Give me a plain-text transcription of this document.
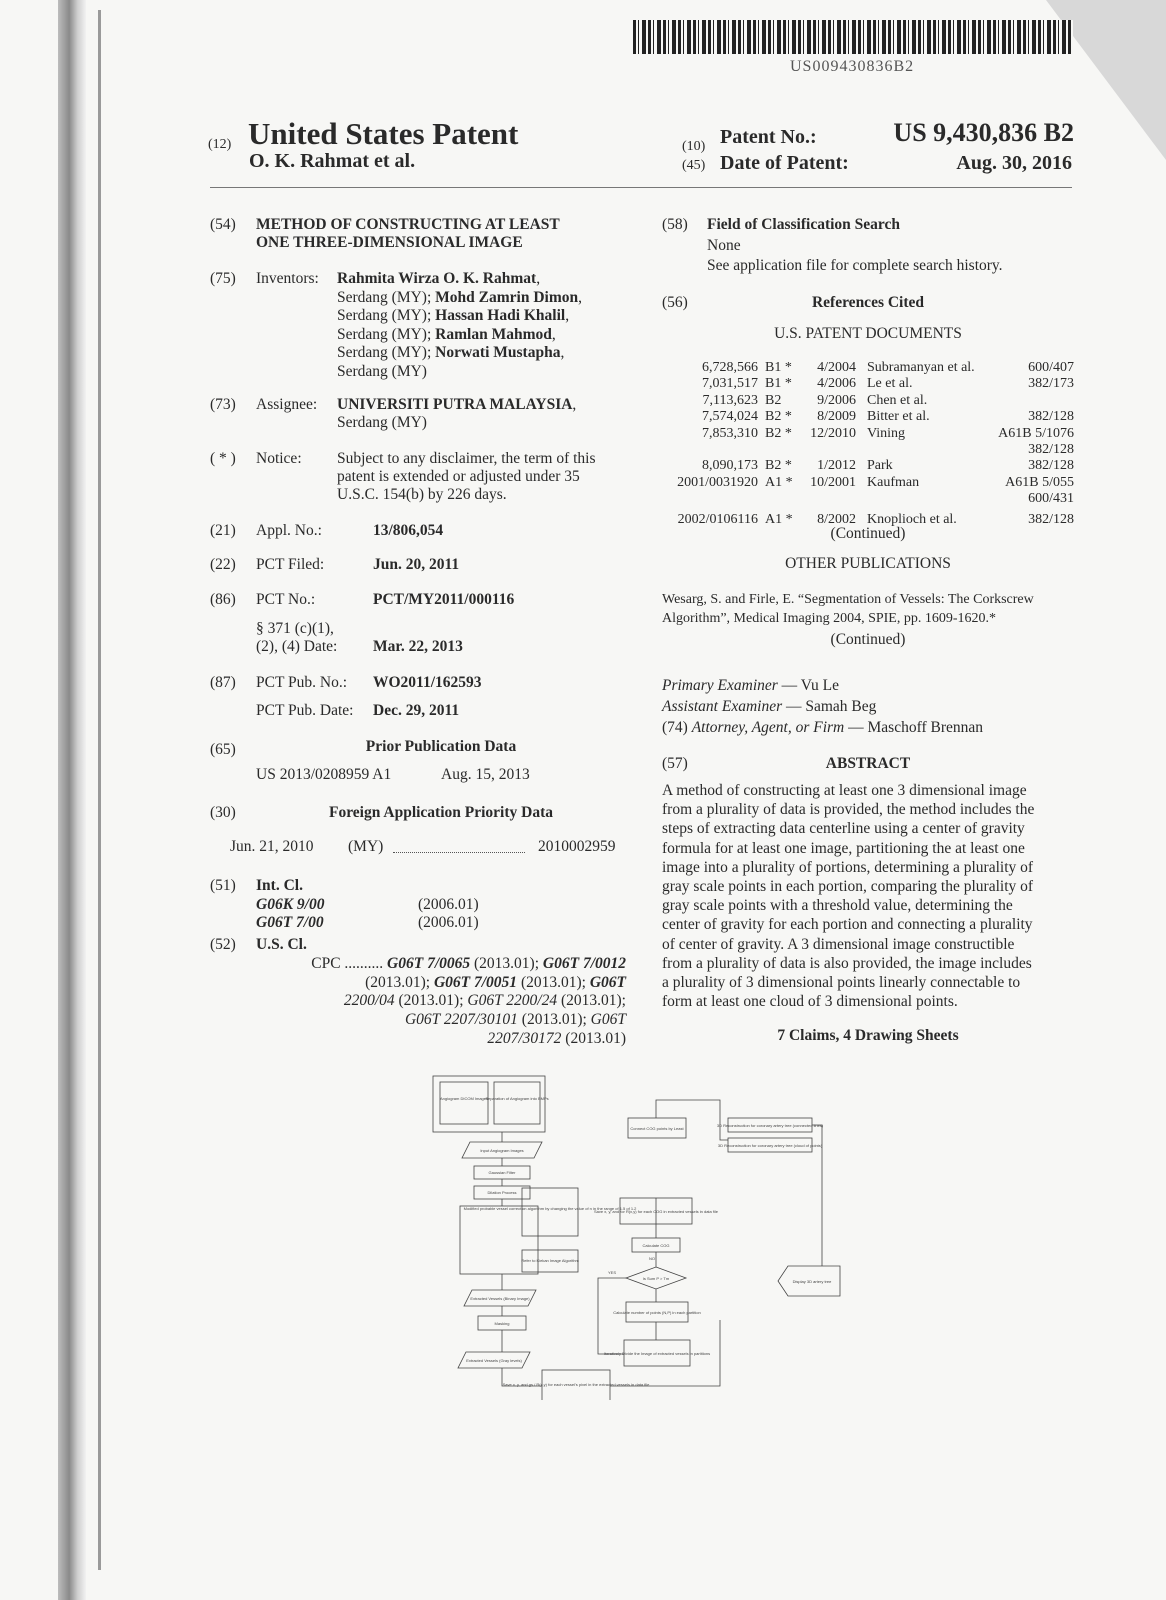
US009430836B2
(12) United States Patent
O. K. Rahmat et al.
(10) Patent No.:	US 9,430,836 B2
(45) Date of Patent:	Aug. 30, 2016
(54) METHOD OF CONSTRUCTING AT LEAST
ONE THREE-DIMENSIONAL IMAGE
(75) Inventors: Rahmita Wirza O. K. Rahmat,
Serdang (MY); Mohd Zamrin Dimon,
Serdang (MY); Hassan Hadi Khalil,
Serdang (MY); Ramlan Mahmod,
Serdang (MY); Norwati Mustapha,
Serdang (MY)
(73) Assignee: UNIVERSITI PUTRA MALAYSIA,
Serdang (MY)
( * ) Notice: Subject to any disclaimer, the term of this
patent is extended or adjusted under 35
U.S.C. 154(b) by 226 days.
(21) Appl. No.:	13/806,054
(22) PCT Filed:	Jun. 20, 2011
(86) PCT No.:	PCT/MY2011/000116
§ 371 (c)(1),
(2), (4) Date: Mar. 22, 2013
(87) PCT Pub. No.: WO2011/162593
PCT Pub. Date: Dec. 29, 2011
(65)	Prior Publication Data
US 2013/0208959 A1	Aug. 15, 2013
(30)	Foreign Application Priority Data
Jun. 21, 2010 (MY)	2010002959
(51) Int. Cl.
G06K 9/00	(2006.01)
G06T 7/00	(2006.01)
(52) U.S. Cl.
CPC .......... G06T 7/0065 (2013.01); G06T 7/0012
(2013.01); G06T 7/0051 (2013.01); G06T
2200/04 (2013.01); G06T 2200/24 (2013.01);
G06T 2207/30101 (2013.01); G06T
2207/30172 (2013.01)
(58) Field of Classification Search
None
See application file for complete search history.
(56)	References Cited
U.S. PATENT DOCUMENTS
6,728,566 B1 *	4/2004 Subramanyan et al.	600/407
7,031,517 B1 *	4/2006 Le et al.	382/173
7,113,623 B2	9/2006 Chen et al.
7,574,024 B2 *	8/2009 Bitter et al.	382/128
7,853,310 B2 *	12/2010 Vining	A61B 5/1076
382/128
8,090,173 B2 *	1/2012 Park	382/128
2001/0031920 A1 *	10/2001 Kaufman	A61B 5/055
600/431
2002/0106116 A1 *	8/2002 Knoplioch et al.	382/128
(Continued)
OTHER PUBLICATIONS
Wesarg, S. and Firle, E. “Segmentation of Vessels: The Corkscrew
Algorithm”, Medical Imaging 2004, SPIE, pp. 1609-1620.*
(Continued)
Primary Examiner — Vu Le
Assistant Examiner — Samah Beg
(74) Attorney, Agent, or Firm — Maschoff Brennan
(57)	ABSTRACT
A method of constructing at least one 3 dimensional image
from a plurality of data is provided, the method includes the
steps of extracting data centerline using a center of gravity
formula for at least one image, partitioning the at least one
image into a plurality of portions, determining a plurality of
gray scale points in each portion, comparing the plurality of
gray scale points with a threshold value, determining the
center of gravity for each portion and connecting a plurality
of center of gravity. A 3 dimensional image constructible
from a plurality of data is also provided, the image includes
a plurality of 3 dimensional points linearly connectable to
form at least one cloud of 3 dimensional points.
7 Claims, 4 Drawing Sheets
Angiogram DICOM Images
Separation of Angiogram into BMPs
Input Angiogram Images
Gaussian Filter
Dilation Process
Modified probable vessel correction algorithm by changing the value of n in the range of 1.5 of 1.2
Refer to Kiekan Image Algorithm
Extracted Vessels (Binary Image)
Masking
Extracted Vessels (Gray levels)
Save x, y, and gs / R(x,y) for each vessel's pixel in the extracted vessels in data file
Connect COG points by Least
Save x, y, and /or R(x,y) for each COG in extracted vessels in data file
Calculate COG
NO
YES
Is Sum P > Tm
Calculate number of points (N,P) in each partition
Iteratively Divide the Image of extracted vessels in partitions
3D Reconstruction for coronary artery tree (connected lines)
3D Reconstruction for coronary artery tree (cloud of points)
Display 3D artery tree
